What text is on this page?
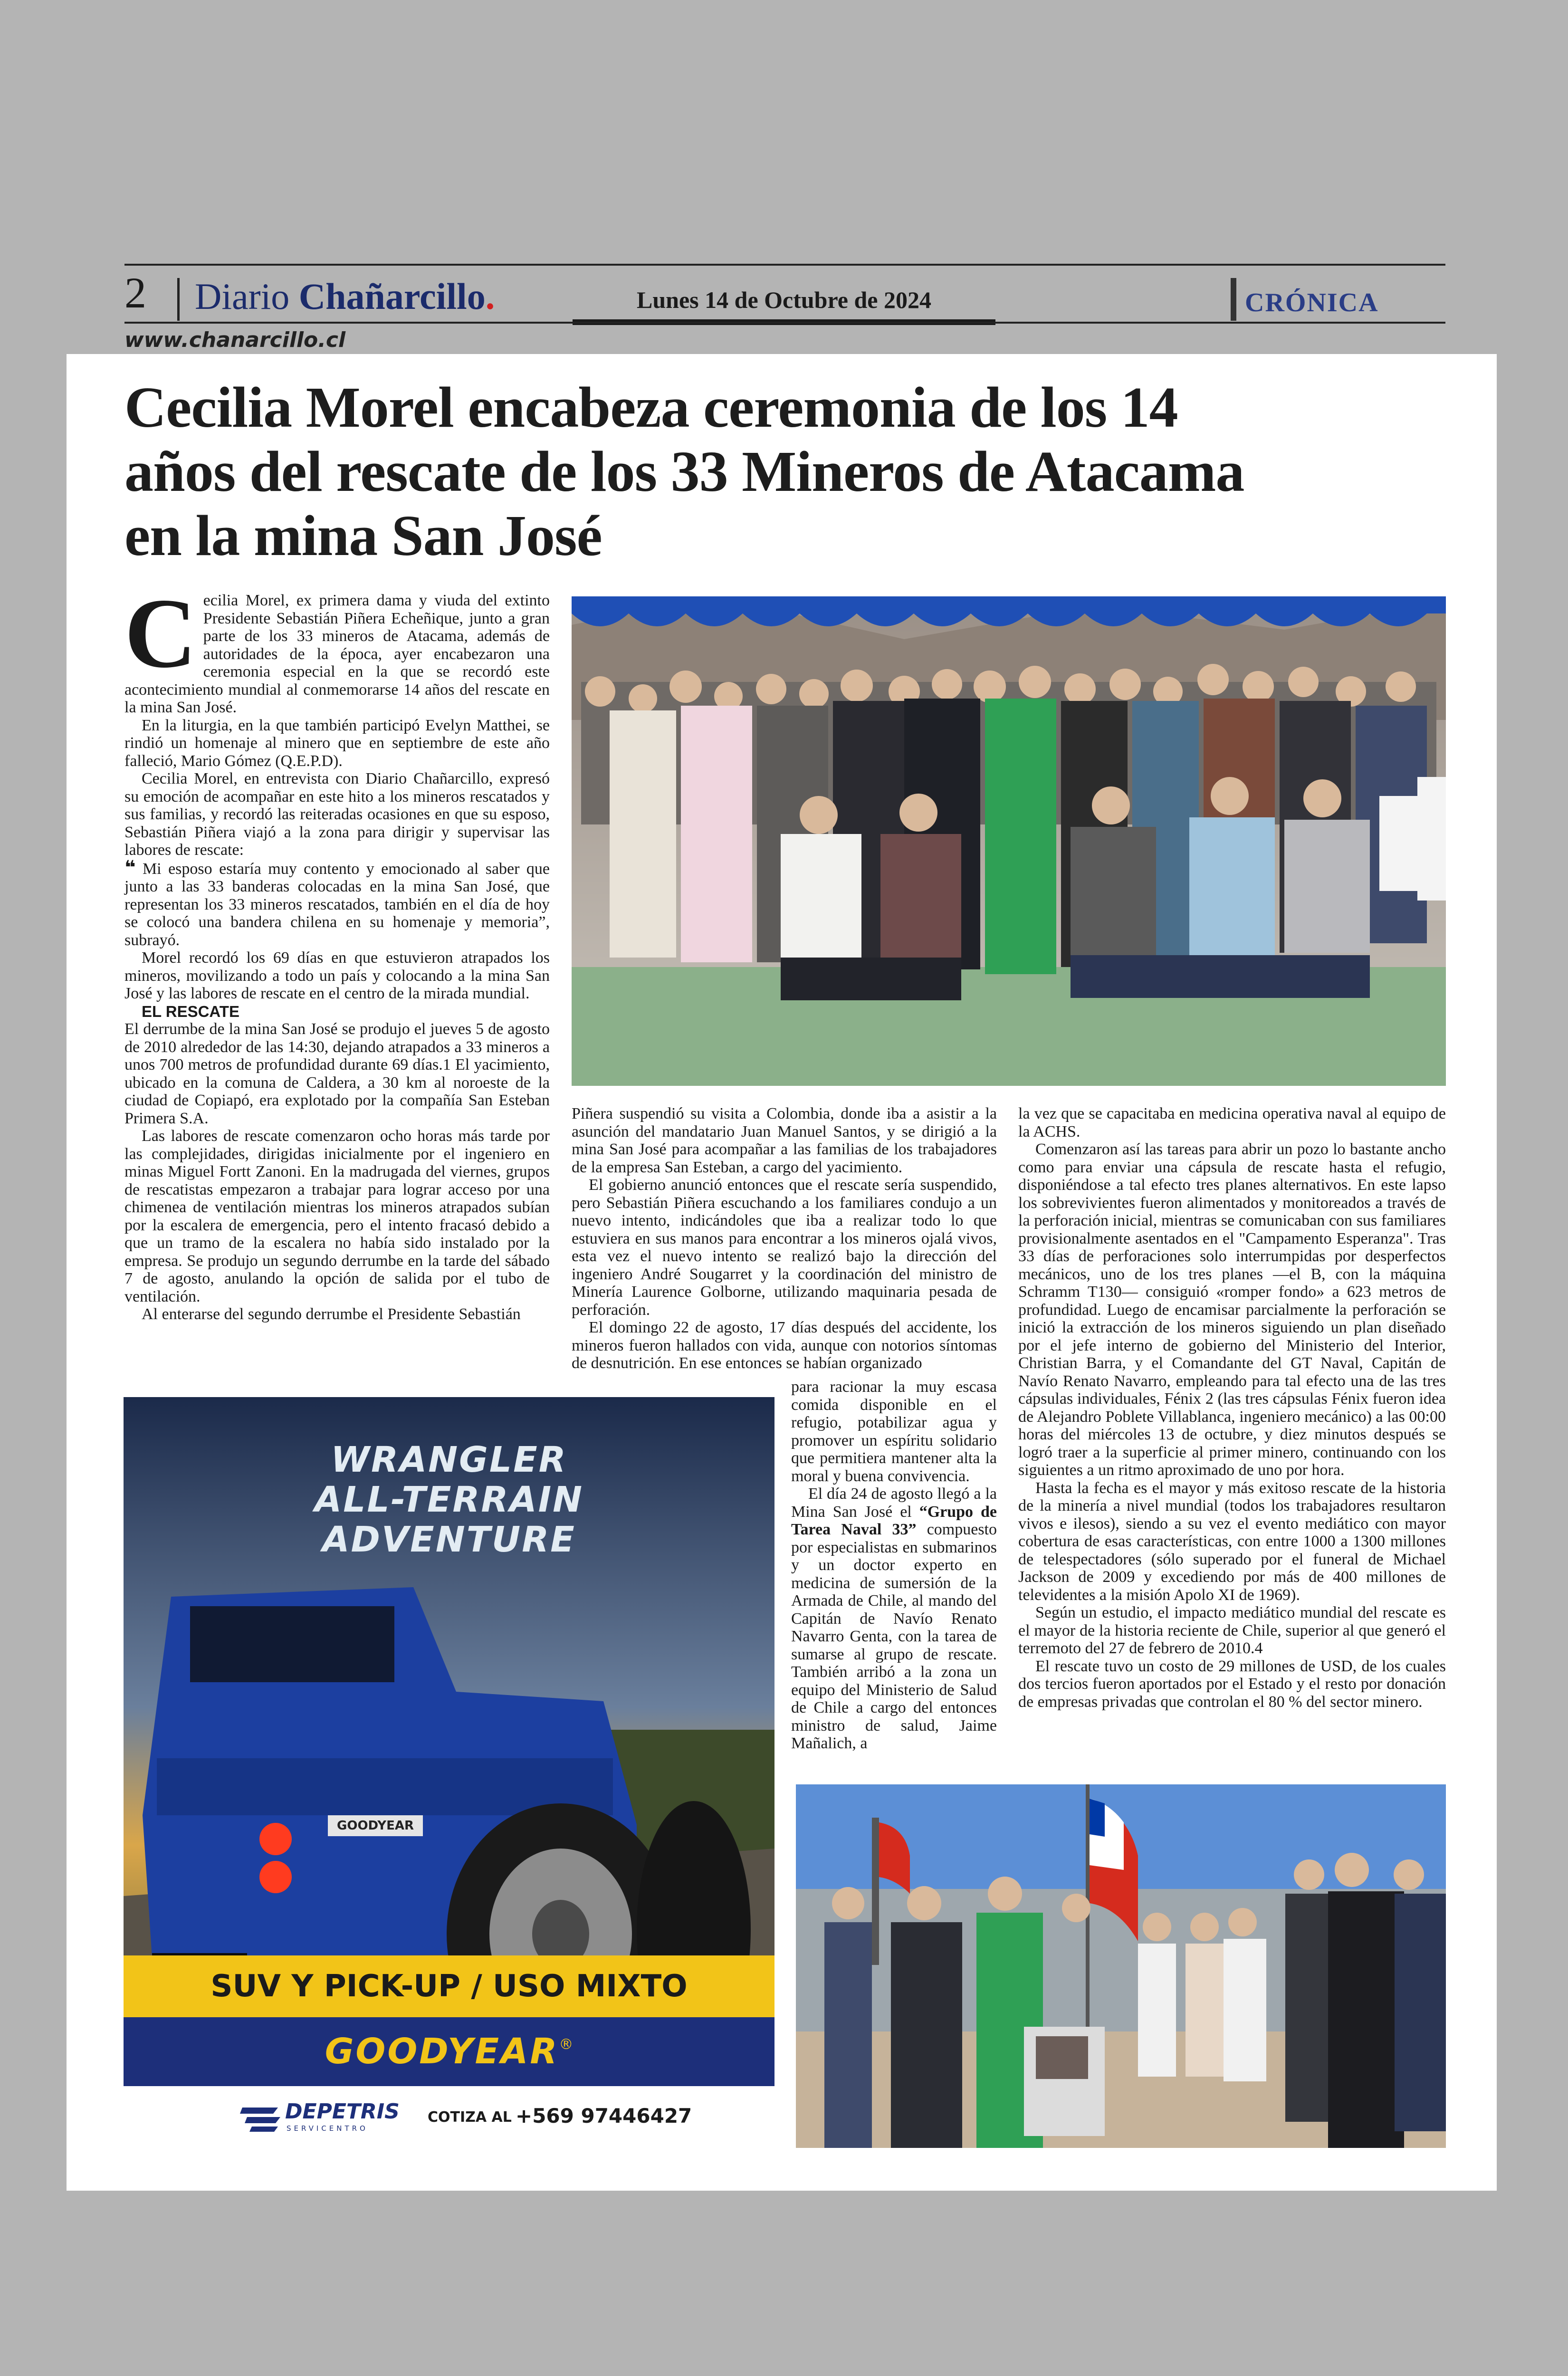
2 Diario Chañarcillo.	Lunes 14 de Octubre de 2024	CRÓNICA
www.chanarcillo.cl
Cecilia Morel encabeza ceremonia de los 14 años del rescate de los 33 Mineros de Atacama en la mina San José

Cecilia Morel, ex primera dama y viuda del extinto Presidente Sebastián Piñera Echeñique, junto a gran parte de los 33 mineros de Atacama, además de autoridades de la época, ayer encabezaron una ceremonia especial en la que se recordó este acontecimiento mundial al conmemorarse 14 años del rescate en la mina San José.

En la liturgia, en la que también participó Evelyn Matthei, se rindió un homenaje al minero que en septiembre de este año falleció, Mario Gómez (Q.E.P.D).

Cecilia Morel, en entrevista con Diario Chañarcillo, expresó su emoción de acompañar en este hito a los mineros rescatados y sus familias, y recordó las reiteradas ocasiones en que su esposo, Sebastián Piñera viajó a la zona para dirigir y supervisar las labores de rescate:

❝ Mi esposo estaría muy contento y emocionado al saber que junto a las 33 banderas colocadas en la mina San José, que representan los 33 mineros rescatados, también en el día de hoy se colocó una bandera chilena en su homenaje y memoria”, subrayó.

Morel recordó los 69 días en que estuvieron atrapados los mineros, movilizando a todo un país y colocando a la mina San José y las labores de rescate en el centro de la mirada mundial.

EL RESCATE

El derrumbe de la mina San José se produjo el jueves 5 de agosto de 2010 alrededor de las 14:30, dejando atrapados a 33 mineros a unos 700 metros de profundidad durante 69 días.1 El yacimiento, ubicado en la comuna de Caldera, a 30 km al noroeste de la ciudad de Copiapó, era explotado por la compañía San Esteban Primera S.A.

Las labores de rescate comenzaron ocho horas más tarde por las complejidades, dirigidas inicialmente por el ingeniero en minas Miguel Fortt Zanoni. En la madrugada del viernes, grupos de rescatistas empezaron a trabajar para lograr acceso por una chimenea de ventilación mientras los mineros atrapados subían por la escalera de emergencia, pero el intento fracasó debido a que un tramo de la escalera no había sido instalado por la empresa. Se produjo un segundo derrumbe en la tarde del sábado 7 de agosto, anulando la opción de salida por el tubo de ventilación.

Al enterarse del segundo derrumbe el Presidente Sebastián

Piñera suspendió su visita a Colombia, donde iba a asistir a la asunción del mandatario Juan Manuel Santos, y se dirigió a la mina San José para acompañar a las familias de los trabajadores de la empresa San Esteban, a cargo del yacimiento.

El gobierno anunció entonces que el rescate sería suspendido, pero Sebastián Piñera escuchando a los familiares condujo a un nuevo intento, indicándoles que iba a realizar todo lo que estuviera en sus manos para encontrar a los mineros ojalá vivos, esta vez el nuevo intento se realizó bajo la dirección del ingeniero André Sougarret y la coordinación del ministro de Minería Laurence Golborne, utilizando maquinaria pesada de perforación.

El domingo 22 de agosto, 17 días después del accidente, los mineros fueron hallados con vida, aunque con notorios síntomas de desnutrición. En ese entonces se habían organizado

para racionar la muy escasa comida disponible en el refugio, potabilizar agua y promover un espíritu solidario que permitiera mantener alta la moral y buena convivencia.

El día 24 de agosto llegó a la Mina San José el “Grupo de Tarea Naval 33” compuesto por especialistas en submarinos y un doctor experto en medicina de sumersión de la Armada de Chile, al mando del Capitán de Navío Renato Navarro Genta, con la tarea de sumarse al grupo de rescate. También arribó a la zona un equipo del Ministerio de Salud de Chile a cargo del entonces ministro de salud, Jaime Mañalich, a

la vez que se capacitaba en medicina operativa naval al equipo de la ACHS.

Comenzaron así las tareas para abrir un pozo lo bastante ancho como para enviar una cápsula de rescate hasta el refugio, disponiéndose a tal efecto tres planes alternativos. En este lapso los sobrevivientes fueron alimentados y monitoreados a través de la perforación inicial, mientras se comunicaban con sus familiares provisionalmente asentados en el "Campamento Esperanza". Tras 33 días de perforaciones solo interrumpidas por desperfectos mecánicos, uno de los tres planes —el B, con la máquina Schramm T130— consiguió «romper fondo» a 623 metros de profundidad. Luego de encamisar parcialmente la perforación se inició la extracción de los mineros siguiendo un plan diseñado por el jefe interno de gobierno del Ministerio del Interior, Christian Barra, y el Comandante del GT Naval, Capitán de Navío Renato Navarro, empleando para tal efecto una de las tres cápsulas individuales, Fénix 2 (las tres cápsulas Fénix fueron idea de Alejandro Poblete Villablanca, ingeniero mecánico) a las 00:00 horas del miércoles 13 de octubre, y diez minutos después se logró traer a la superficie al primer minero, continuando con los siguientes a un ritmo aproximado de uno por hora.

Hasta la fecha es el mayor y más exitoso rescate de la historia de la minería a nivel mundial (todos los trabajadores resultaron vivos e ilesos), siendo a su vez el evento mediático con mayor cobertura de esas características, con entre 1000 a 1300 millones de telespectadores (sólo superado por el funeral de Michael Jackson de 2009 y excediendo por más de 400 millones de televidentes a la misión Apolo XI de 1969).

Según un estudio, el impacto mediático mundial del rescate es el mayor de la historia reciente de Chile, superior al que generó el terremoto del 27 de febrero de 2010.4

El rescate tuvo un costo de 29 millones de USD, de los cuales dos tercios fueron aportados por el Estado y el resto por donación de empresas privadas que controlan el 80 % del sector minero.

WRANGLER
ALL-TERRAIN
ADVENTURE
GOODYEAR
SUV Y PICK-UP / USO MIXTO
GOODYEAR®
DEPETRIS
SERVICENTRO
COTIZA AL +569 97446427
